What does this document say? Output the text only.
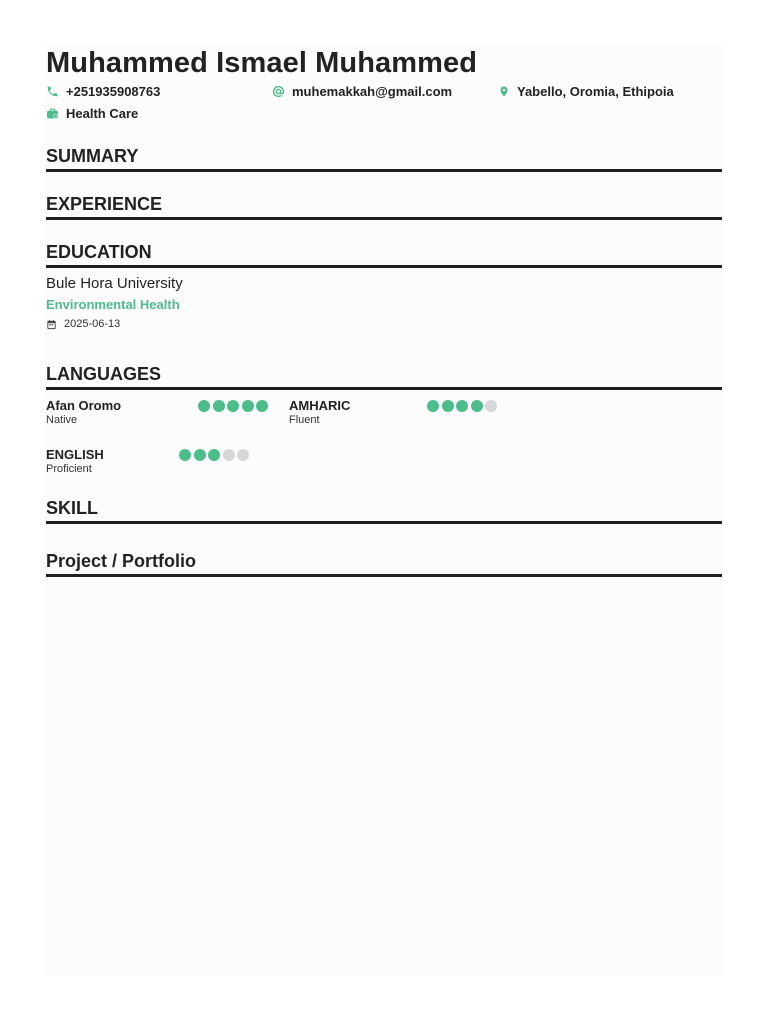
Muhammed Ismael Muhammed
+251935908763	muhemakkah@gmail.com	Yabello, Oromia, Ethipoia
Health Care
SUMMARY
EXPERIENCE
EDUCATION
Bule Hora University
Environmental Health
2025-06-13
LANGUAGES
Afan Oromo
Native
AMHARIC
Fluent
ENGLISH
Proficient
SKILL
Project / Portfolio
